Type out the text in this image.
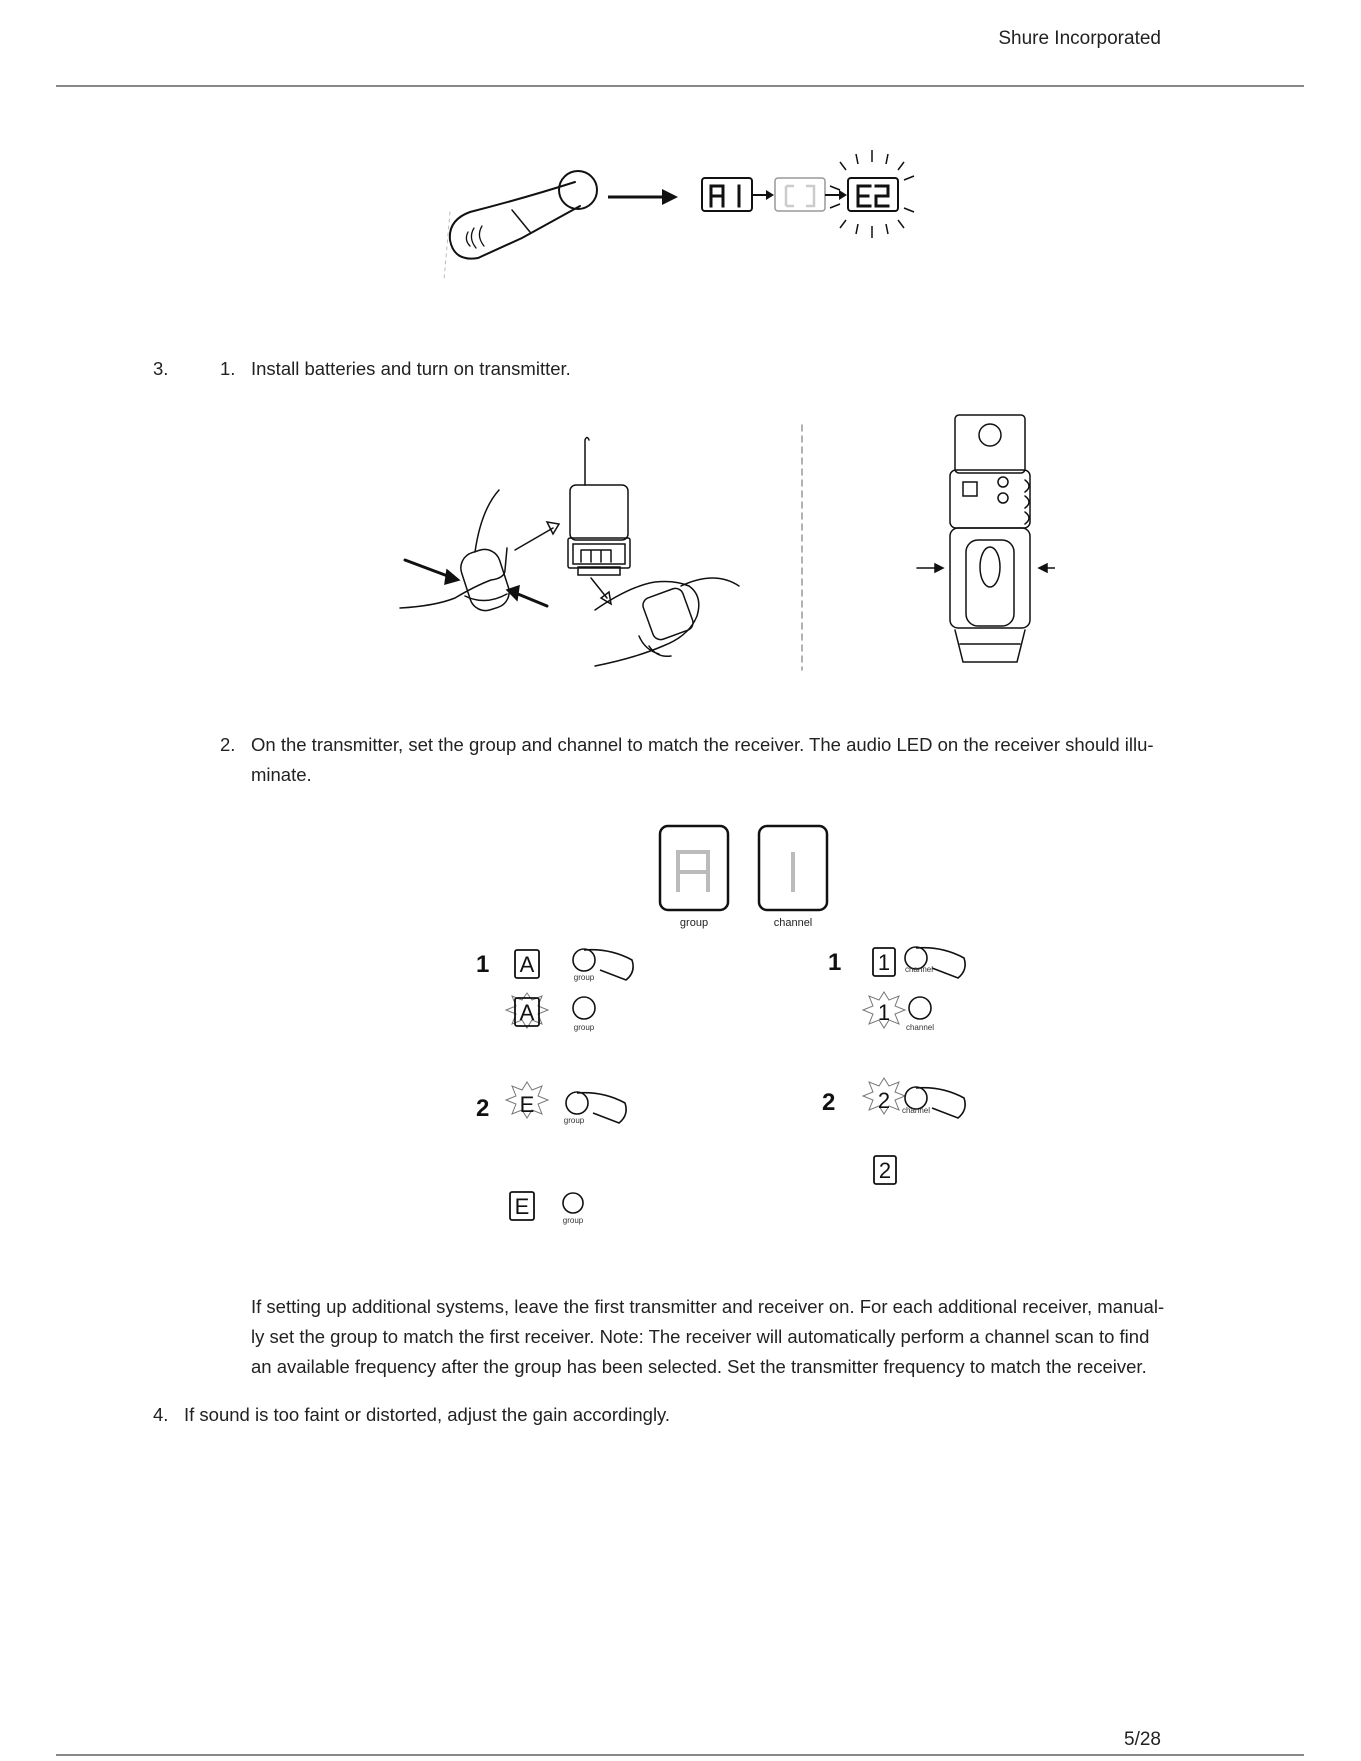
Shure Incorporated
3.	1. Install batteries and turn on transmitter.
2. On the transmitter, set the group and channel to match the receiver. The audio LED on the receiver should illu-
minate.
group	channel
1 A
group
A
group
2 E
group
E
group
1 1 channel
1
channel
2 2 channel
2
If setting up additional systems, leave the first transmitter and receiver on. For each additional receiver, manual-
ly set the group to match the first receiver. Note: The receiver will automatically perform a channel scan to find
an available frequency after the group has been selected. Set the transmitter frequency to match the receiver.
4. If sound is too faint or distorted, adjust the gain accordingly.
5/28
